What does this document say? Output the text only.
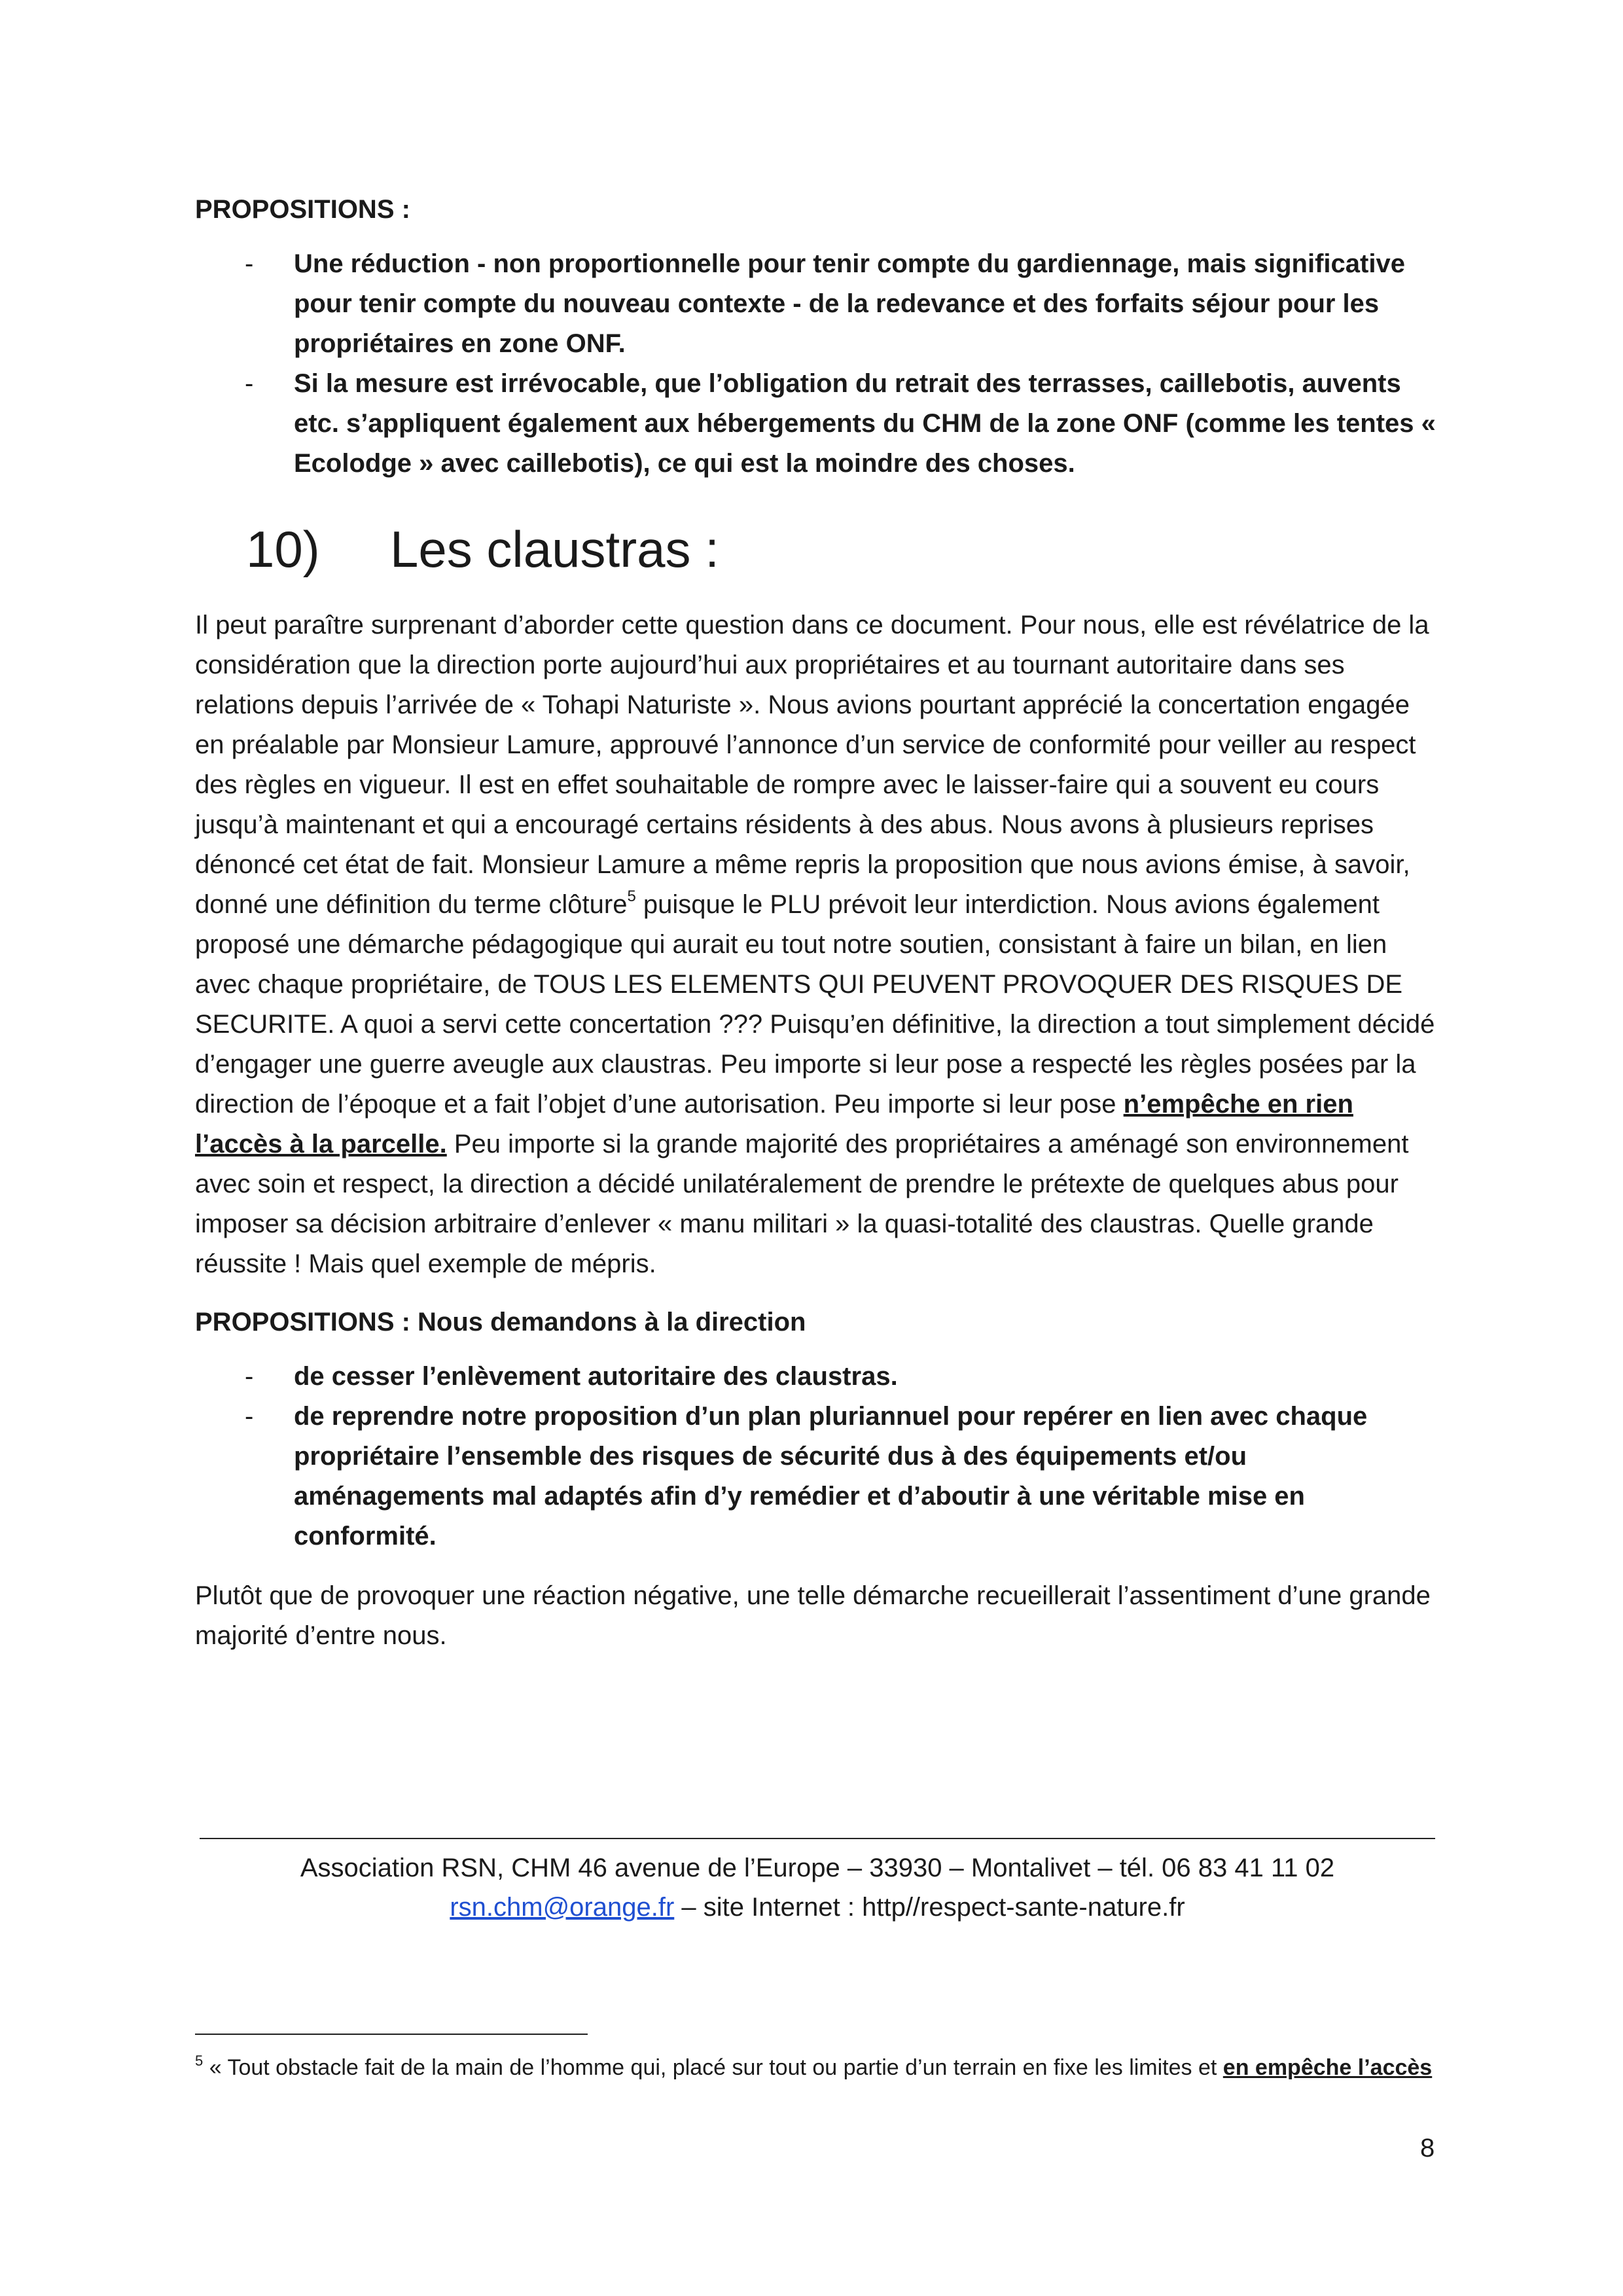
PROPOSITIONS :

- Une réduction - non proportionnelle pour tenir compte du gardiennage, mais significative pour tenir compte du nouveau contexte - de la redevance et des forfaits séjour pour les propriétaires en zone ONF.
- Si la mesure est irrévocable, que l’obligation du retrait des terrasses, caillebotis, auvents etc. s’appliquent également aux hébergements du CHM de la zone ONF (comme les tentes « Ecolodge » avec caillebotis), ce qui est la moindre des choses.
10)	Les claustras :

Il peut paraître surprenant d’aborder cette question dans ce document. Pour nous, elle est révélatrice de la considération que la direction porte aujourd’hui aux propriétaires et au tournant autoritaire dans ses relations depuis l’arrivée de « Tohapi Naturiste ». Nous avions pourtant apprécié la concertation engagée en préalable par Monsieur Lamure, approuvé l’annonce d’un service de conformité pour veiller au respect des règles en vigueur. Il est en effet souhaitable de rompre avec le laisser-faire qui a souvent eu cours jusqu’à maintenant et qui a encouragé certains résidents à des abus. Nous avons à plusieurs reprises dénoncé cet état de fait. Monsieur Lamure a même repris la proposition que nous avions émise, à savoir, donné une définition du terme clôture$^5$ puisque le PLU prévoit leur interdiction. Nous avions également proposé une démarche pédagogique qui aurait eu tout notre soutien, consistant à faire un bilan, en lien avec chaque propriétaire, de TOUS LES ELEMENTS QUI PEUVENT PROVOQUER DES RISQUES DE SECURITE. A quoi a servi cette concertation ??? Puisqu’en définitive, la direction a tout simplement décidé d’engager une guerre aveugle aux claustras. Peu importe si leur pose a respecté les règles posées par la direction de l’époque et a fait l’objet d’une autorisation. Peu importe si leur pose n’empêche en rien l’accès à la parcelle. Peu importe si la grande majorité des propriétaires a aménagé son environnement avec soin et respect, la direction a décidé unilatéralement de prendre le prétexte de quelques abus pour imposer sa décision arbitraire d’enlever « manu militari » la quasi-totalité des claustras. Quelle grande réussite ! Mais quel exemple de mépris.

PROPOSITIONS : Nous demandons à la direction

- de cesser l’enlèvement autoritaire des claustras.
- de reprendre notre proposition d’un plan pluriannuel pour repérer en lien avec chaque propriétaire l’ensemble des risques de sécurité dus à des équipements et/ou aménagements mal adaptés afin d’y remédier et d’aboutir à une véritable mise en conformité.

Plutôt que de provoquer une réaction négative, une telle démarche recueillerait l’assentiment d’une grande majorité d’entre nous.

Association RSN, CHM 46 avenue de l’Europe – 33930 – Montalivet – tél. 06 83 41 11 02
rsn.chm@orange.fr – site Internet : http//respect-sante-nature.fr
$^5$ « Tout obstacle fait de la main de l’homme qui, placé sur tout ou partie d’un terrain en fixe les limites et en empêche l’accès
8
